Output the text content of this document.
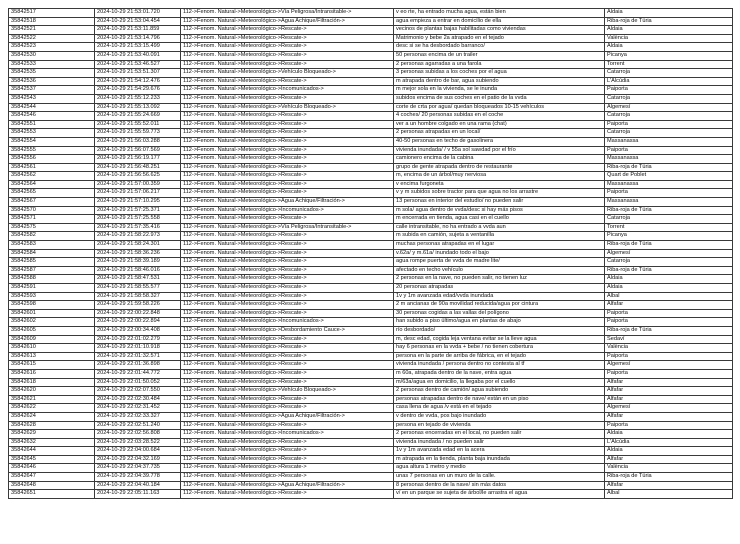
35842517	2024-10-29 21:53:01.720	112->Fenom. Natural->Meteorológico->Vía Peligrosa/Intransitable->	v eo rte, ha entrado mucha agua, están bien	Aldaia
35842518	2024-10-29 21:53:04.454	112->Fenom. Natural->Meteorológico->Agua Achique/Filtración->	agua empieza a entrar en domicilio de ella	Riba-roja de Túria
35842521	2024-10-29 21:53:11.859	112->Fenom. Natural->Meteorológico->Rescate->	vecinos de plantas bajas habilitadas como viviendas	Aldaia
35842522	2024-10-29 21:53:14.796	112->Fenom. Natural->Meteorológico->Rescate->	Matrimonio y bebe 2a atrapado en el tejado	València
35842523	2024-10-29 21:53:15.499	112->Fenom. Natural->Meteorológico->Rescate->	desc si se ha desbordado barranco/	Aldaia
35842530	2024-10-29 21:53:40.091	112->Fenom. Natural->Meteorológico->Rescate->	50 personas encima de un trailer	Picanya
35842533	2024-10-29 21:53:46.527	112->Fenom. Natural->Meteorológico->Rescate->	2 personas agarradas a una farola	Torrent
35842535	2024-10-29 21:53:51.307	112->Fenom. Natural->Meteorológico->Vehículo Bloqueado->	3 personas subidas a los coches por el agua	Catarroja
35842536	2024-10-29 21:54:12.476	112->Fenom. Natural->Meteorológico->Rescate->	m atrapada dentro de bar, agua subiendo	L'Alcúdia
35842537	2024-10-29 21:54:29.676	112->Fenom. Natural->Meteorológico->Incomunicados->	m mejor sola en la vivienda, se le inunda	Paiporta
35842543	2024-10-29 21:55:12.233	112->Fenom. Natural->Meteorológico->Rescate->	subidos encima de sus coches en el patio de la vvda	Catarroja
35842544	2024-10-29 21:55:13.092	112->Fenom. Natural->Meteorológico->Vehículo Bloqueado->	corte de crta por agua/ quedan bloqueados 10-15 vehículos	Algemesí
35842546	2024-10-29 21:55:24.669	112->Fenom. Natural->Meteorológico->Rescate->	4 coches/ 20 personas subidas en el coche	Catarroja
35842551	2024-10-29 21:55:52.011	112->Fenom. Natural->Meteorológico->Rescate->	ver a un hombre colgado en una rama (chat)	Paiporta
35842553	2024-10-29 21:55:59.773	112->Fenom. Natural->Meteorológico->Rescate->	2 personas atrapadas en un local/	Catarroja
35842554	2024-10-29 21:56:03.288	112->Fenom. Natural->Meteorológico->Rescate->	40-50 personas en techo de gasolinera	Massanassa
35842555	2024-10-29 21:56:07.569	112->Fenom. Natural->Meteorológico->Rescate->	vivienda inundada/ / v 55a sol sawdad por el frío	Paiporta
35842556	2024-10-29 21:56:19.177	112->Fenom. Natural->Meteorológico->Rescate->	camionero encima de la cabina	Massanassa
35842561	2024-10-29 21:56:48.251	112->Fenom. Natural->Meteorológico->Rescate->	grupo de gente atrapada dentro de restaurante	Riba-roja de Túria
35842562	2024-10-29 21:56:56.625	112->Fenom. Natural->Meteorológico->Rescate->	m, encima de un árbol/muy nerviosa	Quart de Poblet
35842564	2024-10-29 21:57:00.359	112->Fenom. Natural->Meteorológico->Rescate->	v encima furgoneta	Massanassa
35842565	2024-10-29 21:57:06.217	112->Fenom. Natural->Meteorológico->Rescate->	v y m subidos sobre tractor para que agua no los arrastre	Paiporta
35842567	2024-10-29 21:57:10.295	112->Fenom. Natural->Meteorológico->Agua Achique/Filtración->	13 personas en interior del estudio/ no pueden salir	Massanassa
35842570	2024-10-29 21:57:25.371	112->Fenom. Natural->Meteorológico->Incomunicados->	m sola/ agua dentro de vvda/desc si hay más pisos	Riba-roja de Túria
35842571	2024-10-29 21:57:25.558	112->Fenom. Natural->Meteorológico->Rescate->	m encerrada en tienda, agua casi en el cuello	Catarroja
35842575	2024-10-29 21:57:35.416	112->Fenom. Natural->Meteorológico->Vía Peligrosa/Intransitable->	calle intransitable, no ha entrado a vvda aun	Torrent
35842582	2024-10-29 21:58:22.973	112->Fenom. Natural->Meteorológico->Rescate->	m subida en camión, sujeta a ventanilla	Picanya
35842583	2024-10-29 21:58:24.301	112->Fenom. Natural->Meteorológico->Rescate->	muchas personas atrapadas en el lugar	Riba-roja de Túria
35842584	2024-10-29 21:58:36.236	112->Fenom. Natural->Meteorológico->Rescate->	v.62a/ y m.61a/ inundado todo el bajo	Algemesí
35842585	2024-10-29 21:58:39.189	112->Fenom. Natural->Meteorológico->Rescate->	agua rompe puerta de vvda de madre lite/	Catarroja
35842587	2024-10-29 21:58:46.016	112->Fenom. Natural->Meteorológico->Rescate->	afectado en techo vehículo	Riba-roja de Túria
35842588	2024-10-29 21:58:47.531	112->Fenom. Natural->Meteorológico->Rescate->	2 personas en la nave, no pueden salir, no tienen luz	Aldaia
35842591	2024-10-29 21:58:55.577	112->Fenom. Natural->Meteorológico->Rescate->	20 personas atrapadas	Aldaia
35842593	2024-10-29 21:58:58.327	112->Fenom. Natural->Meteorológico->Rescate->	1v y 1m avanzada edad/vvda inundada	Albal
35842598	2024-10-29 21:59:58.226	112->Fenom. Natural->Meteorológico->Rescate->	2 m ancianas de 90a movilidad reducida/agua por cintura	Alfafar
35842601	2024-10-29 22:00:22.848	112->Fenom. Natural->Meteorológico->Rescate->	30 personas cogidas a las vallas del polígono	Paiporta
35842602	2024-10-29 22:00:22.894	112->Fenom. Natural->Meteorológico->Incomunicados->	han subido a piso último/agua en plantas de abajo	Paiporta
35842605	2024-10-29 22:00:34.408	112->Fenom. Natural->Meteorológico->Desbordamiento Cauce->	río desbordado/	Riba-roja de Túria
35842609	2024-10-29 22:01:02.279	112->Fenom. Natural->Meteorológico->Rescate->	m, desc edad, cogida leja ventana evitar se la lleve agua	Sedaví
35842610	2024-10-29 22:01:10.918	112->Fenom. Natural->Meteorológico->Rescate->	hay 6 personas en la vvda + bebe / no tienen cobertura	València
35842613	2024-10-29 22:01:32.571	112->Fenom. Natural->Meteorológico->Rescate->	persona en la parte de arriba de fábrica, en el tejado	Paiporta
35842615	2024-10-29 22:01:36.898	112->Fenom. Natural->Meteorológico->Rescate->	vivienda inundada / persona dentro no contesta al tf	Algemesí
35842616	2024-10-29 22:01:44.772	112->Fenom. Natural->Meteorológico->Rescate->	m 60a, atrapada dentro de la nave, entra agua	Paiporta
35842618	2024-10-29 22:01:50.052	112->Fenom. Natural->Meteorológico->Rescate->	m/63a/agua en domicilio, la llegaba por el cuello	Alfafar
35842620	2024-10-29 22:02:07.550	112->Fenom. Natural->Meteorológico->Vehículo Bloqueado->	2 personas dentro de camión/ agua subiendo	Alfafar
35842621	2024-10-29 22:02:30.484	112->Fenom. Natural->Meteorológico->Rescate->	personas atrapadas dentro de nave/ están en un piso	Alfafar
35842622	2024-10-29 22:02:31.452	112->Fenom. Natural->Meteorológico->Rescate->	casa llena de agua /v está en el tejado	Algemesí
35842624	2024-10-29 22:02:33.327	112->Fenom. Natural->Meteorológico->Agua Achique/Filtración->	v dentro de vvda, pos bajo inundado	Alfafar
35842628	2024-10-29 22:02:51.240	112->Fenom. Natural->Meteorológico->Rescate->	persona en tejado de vivienda	Paiporta
35842629	2024-10-29 22:02:56.808	112->Fenom. Natural->Meteorológico->Incomunicados->	2 personas encerradas en el local, no pueden salir	Aldaia
35842632	2024-10-29 22:03:28.522	112->Fenom. Natural->Meteorológico->Rescate->	vivienda inundada / no pueden salir	L'Alcúdia
35842644	2024-10-29 22:04:00.684	112->Fenom. Natural->Meteorológico->Rescate->	1v y 1m avanzada edad en la acera	Aldaia
35842645	2024-10-29 22:04:32.169	112->Fenom. Natural->Meteorológico->Rescate->	m atrapada en la tienda, planta baja inundada	Alfafar
35842646	2024-10-29 22:04:37.735	112->Fenom. Natural->Meteorológico->Rescate->	agua altura 1 metro y medio	València
35842647	2024-10-29 22:04:39.778	112->Fenom. Natural->Meteorológico->Rescate->	unas 7 personas en un muro de la calle.	Riba-roja de Túria
35842648	2024-10-29 22:04:40.184	112->Fenom. Natural->Meteorológico->Agua Achique/Filtración->	8 personas dentro de la nave/ sin más datos	Alfafar
35842651	2024-10-29 22:05:11.163	112->Fenom. Natural->Meteorológico->Rescate->	v/ en un parque se sujeta de árbol/le arrastra el agua	Albal
